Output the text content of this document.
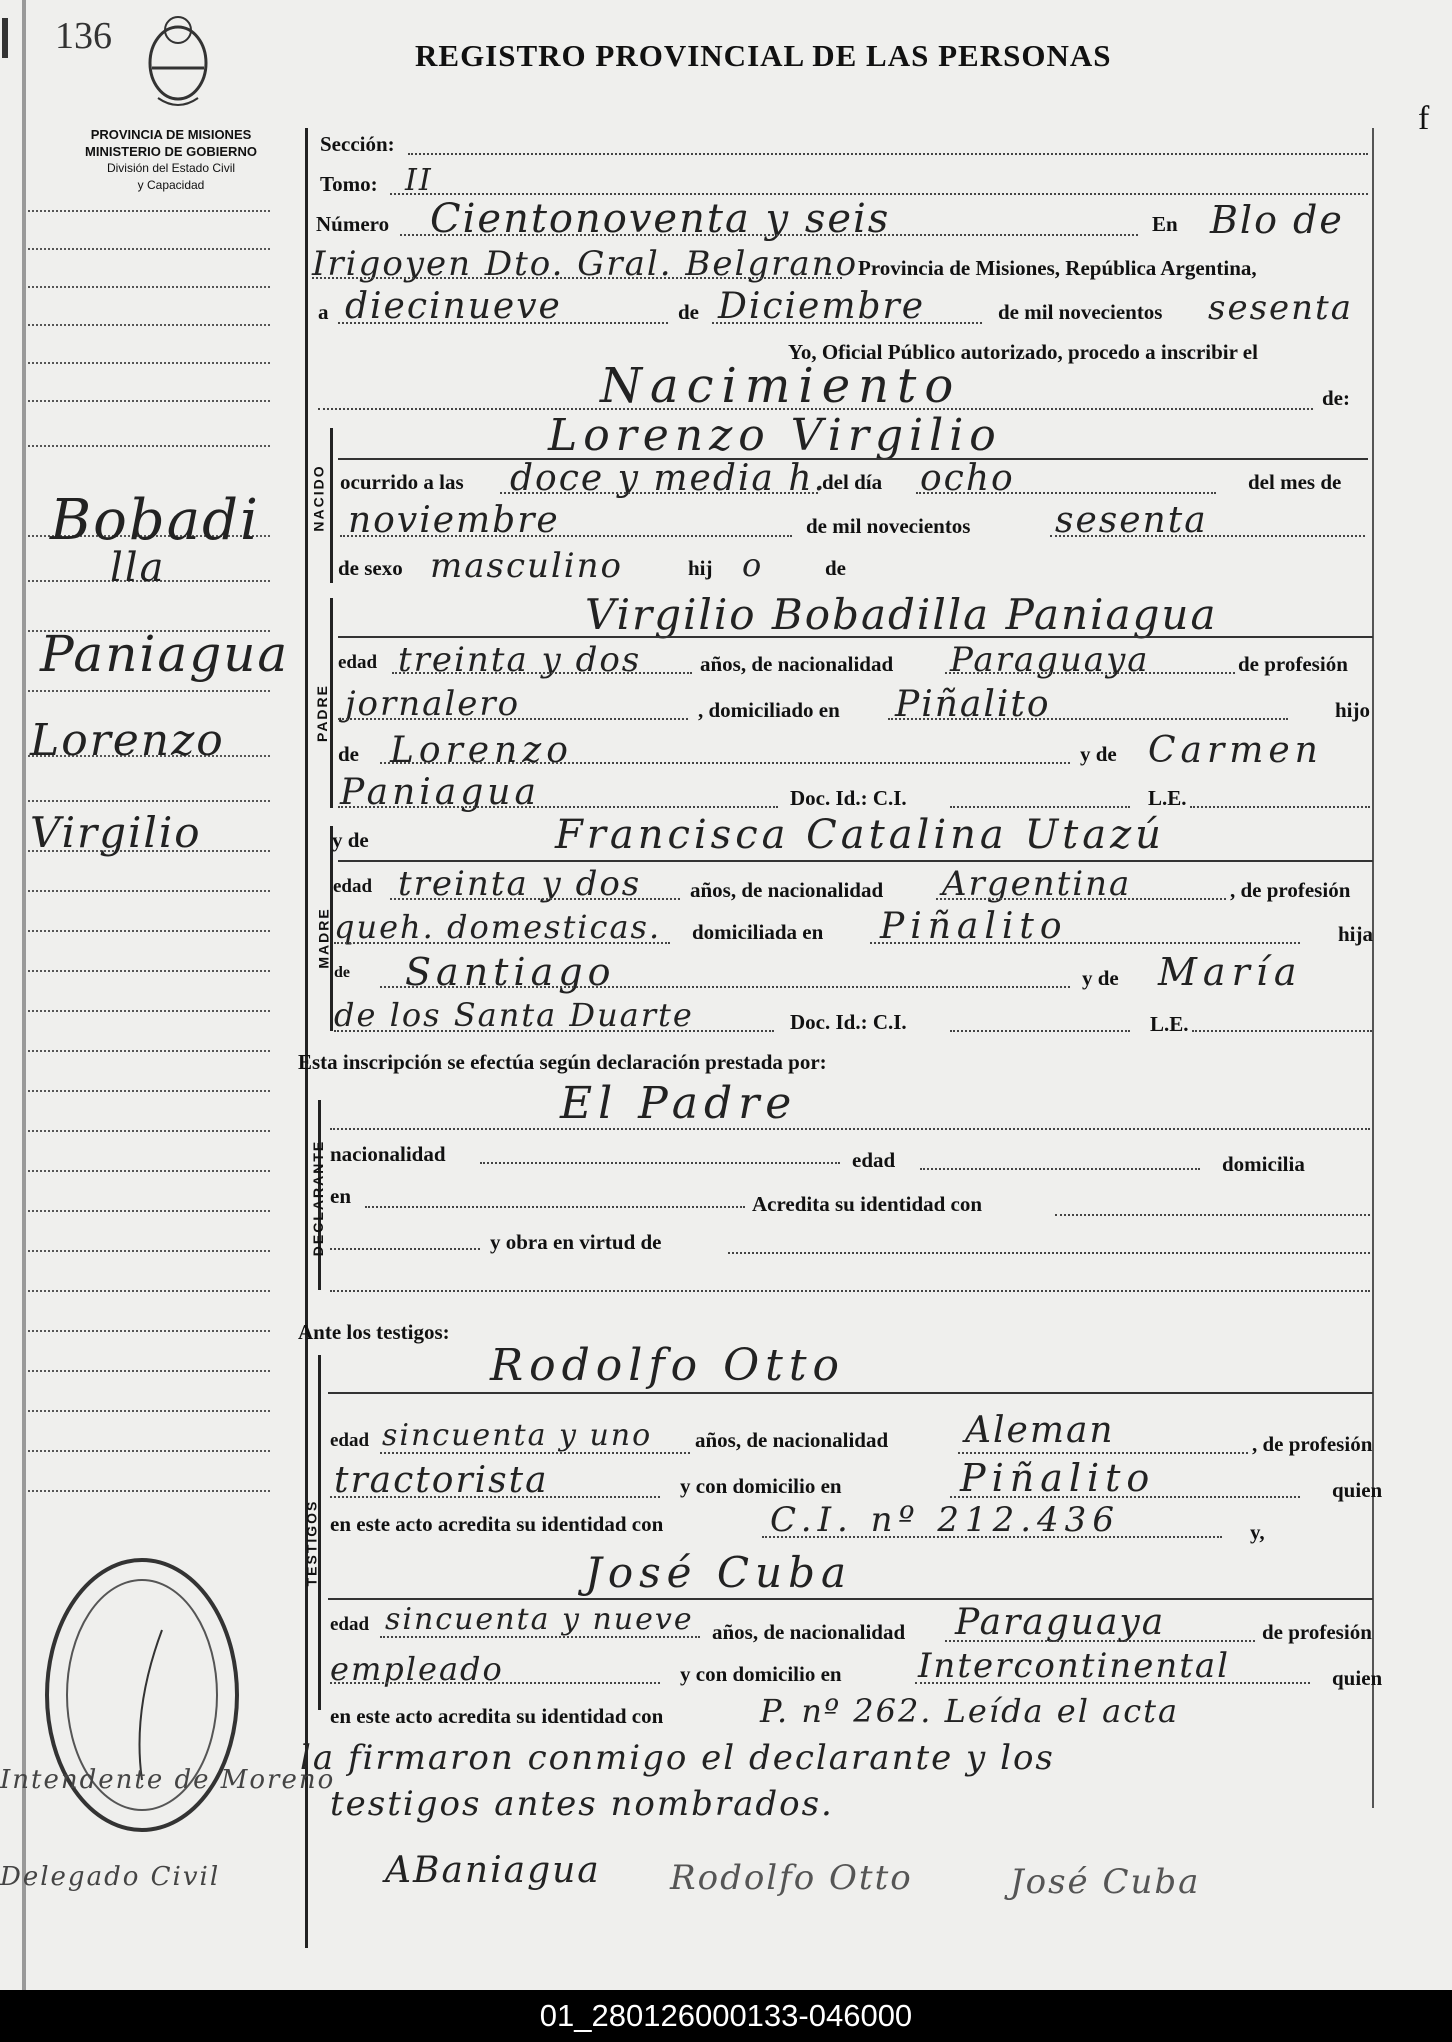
136	REGISTRO PROVINCIAL DE LAS PERSONAS
PROVINCIA DE MISIONES
MINISTERIO DE GOBIERNO
División del Estado Civil
y Capacidad
NACIDO
PADRE
MADRE
DECLARANTE
TESTIGOS
Bobadi
lla
Paniagua
Lorenzo
Virgilio
Sección:
Tomo: II
Número Cientonoventa y seis	En Blo de
Irigoyen Dto. Gral. Belgrano Provincia de Misiones, República Argentina,
a diecinueve	de Diciembre	de mil novecientos sesenta
Yo, Oficial Público autorizado, procedo a inscribir el
Nacimiento	de:
Lorenzo Virgilio
ocurrido a las doce y media h.
del día ocho	del mes de
noviembre	de mil novecientos sesenta
de sexo masculino	hij o	de
Virgilio Bobadilla Paniagua
edad treinta y dos	años, de nacionalidad Paraguaya	de profesión
jornalero	, domiciliado en Piñalito	hijo
de Lorenzo	y de Carmen
Paniagua	Doc. Id.: C.I.	L.E.
y de	Francisca Catalina Utazú
edad treinta y dos años, de nacionalidad Argentina	, de profesión
queh. domesticas. domiciliada en Piñalito	hija
de Santiago	y de María
de los Santa Duarte	Doc. Id.: C.I.	L.E.
Esta inscripción se efectúa según declaración prestada por:
El Padre
nacionalidad	edad	domicilia
en	Acredita su identidad con
y obra en virtud de
Ante los testigos:
Rodolfo Otto
edad sincuenta y uno años, de nacionalidad Aleman	, de profesión
tractorista	y con domicilio en	Piñalito	quien
en este acto acredita su identidad con	C.I. nº 212.436	y,
José Cuba
edad sincuenta y nueve años, de nacionalidad Paraguaya	de profesión
empleado	y con domicilio en Intercontinental	quien
en este acto acredita su identidad con	P. nº 262. Leída el acta
la firmaron conmigo el declarante y los
testigos antes nombrados.
ABaniagua Rodolfo Otto	José Cuba
Intendente de Moreno
Delegado Civil
f
01_280126000133-046000
